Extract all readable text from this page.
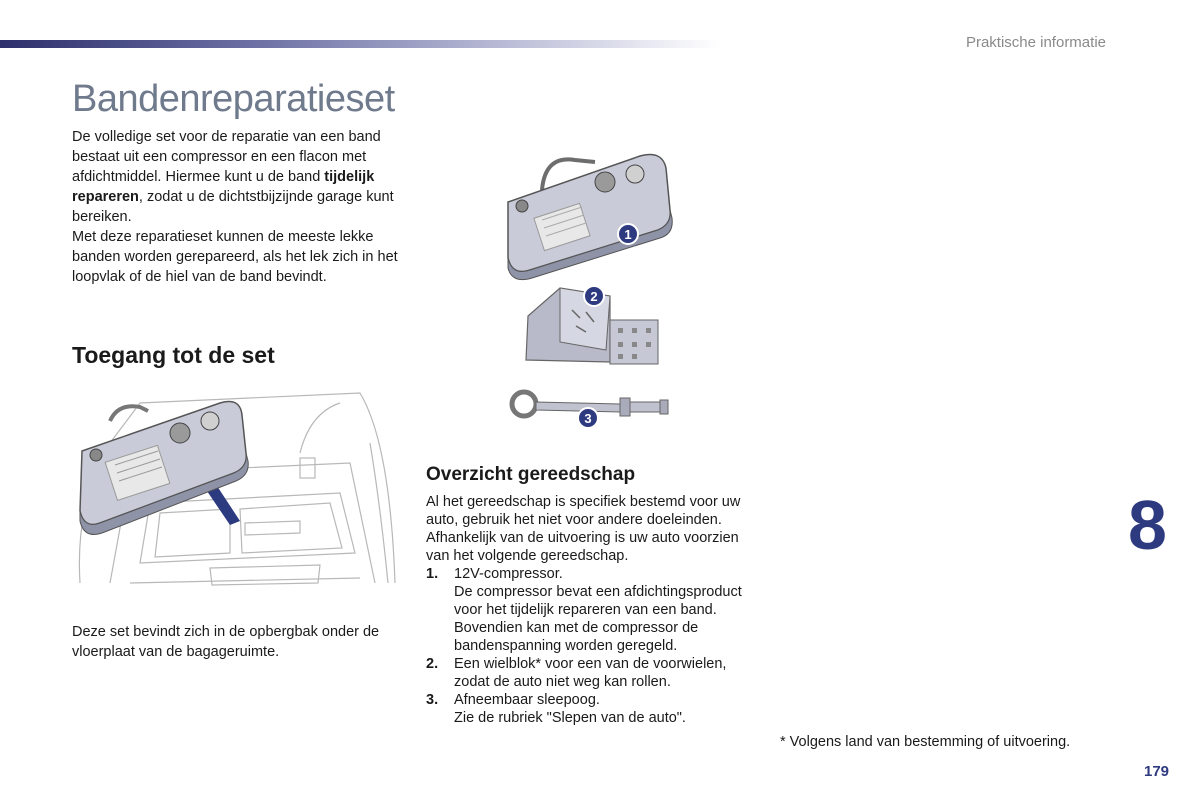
Praktische informatie
Bandenreparatieset

De volledige set voor de reparatie van een band bestaat uit een compressor en een flacon met afdichtmiddel. Hiermee kunt u de band tijdelijk repareren, zodat u de dichtstbijzijnde garage kunt bereiken.

Met deze reparatieset kunnen de meeste lekke banden worden gerepareerd, als het lek zich in het loopvlak of de hiel van de band bevindt.

Toegang tot de set

Deze set bevindt zich in de opbergbak onder de vloerplaat van de bagageruimte.

1
2
3
Overzicht gereedschap

Al het gereedschap is specifiek bestemd voor uw auto, gebruik het niet voor andere doeleinden. Afhankelijk van de uitvoering is uw auto voorzien van het volgende gereedschap.

1. 12V-compressor.
De compressor bevat een afdichtingsproduct voor het tijdelijk repareren van een band. Bovendien kan met de compressor de bandenspanning worden geregeld.
2. Een wielblok* voor een van de voorwielen, zodat de auto niet weg kan rollen.
3. Afneembaar sleepoog.
Zie de rubriek "Slepen van de auto".
* Volgens land van bestemming of uitvoering.
8
179
